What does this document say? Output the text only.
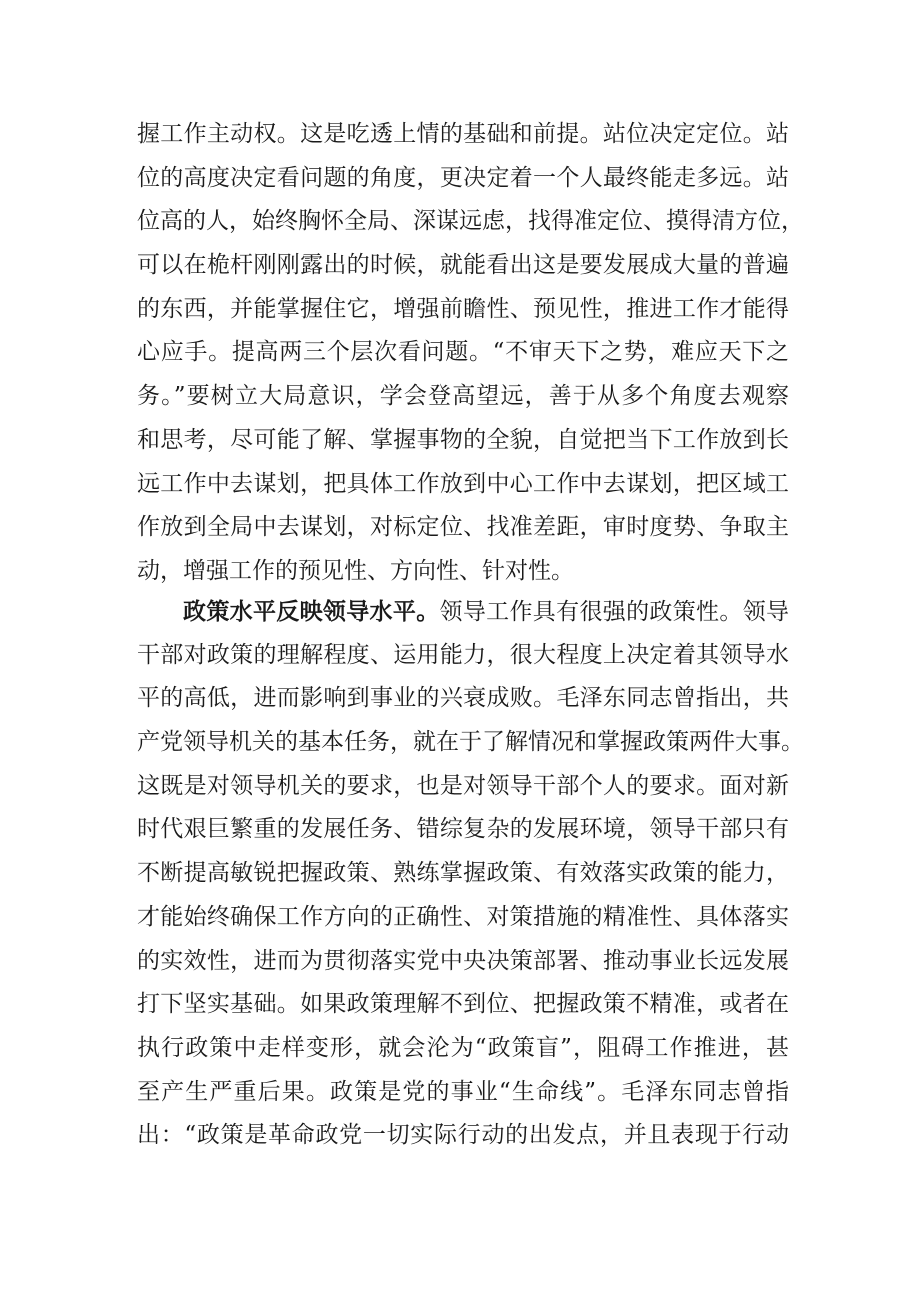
握工作主动权。这是吃透上情的基础和前提。站位决定定位。站
位的高度决定看问题的角度，更决定着一个人最终能走多远。站
位高的人，始终胸怀全局、深谋远虑，找得准定位、摸得清方位，
可以在桅杆刚刚露出的时候，就能看出这是要发展成大量的普遍
的东西，并能掌握住它，增强前瞻性、预见性，推进工作才能得
心应手。提高两三个层次看问题。“不审天下之势，难应天下之
务。”要树立大局意识，学会登高望远，善于从多个角度去观察
和思考，尽可能了解、掌握事物的全貌，自觉把当下工作放到长
远工作中去谋划，把具体工作放到中心工作中去谋划，把区域工
作放到全局中去谋划，对标定位、找准差距，审时度势、争取主
动，增强工作的预见性、方向性、针对性。
政策水平反映领导水平。领导工作具有很强的政策性。领导
干部对政策的理解程度、运用能力，很大程度上决定着其领导水
平的高低，进而影响到事业的兴衰成败。毛泽东同志曾指出，共
产党领导机关的基本任务，就在于了解情况和掌握政策两件大事。
这既是对领导机关的要求，也是对领导干部个人的要求。面对新
时代艰巨繁重的发展任务、错综复杂的发展环境，领导干部只有
不断提高敏锐把握政策、熟练掌握政策、有效落实政策的能力，
才能始终确保工作方向的正确性、对策措施的精准性、具体落实
的实效性，进而为贯彻落实党中央决策部署、推动事业长远发展
打下坚实基础。如果政策理解不到位、把握政策不精准，或者在
执行政策中走样变形，就会沦为“政策盲”，阻碍工作推进，甚
至产生严重后果。政策是党的事业“生命线”。毛泽东同志曾指
出：“政策是革命政党一切实际行动的出发点，并且表现于行动
